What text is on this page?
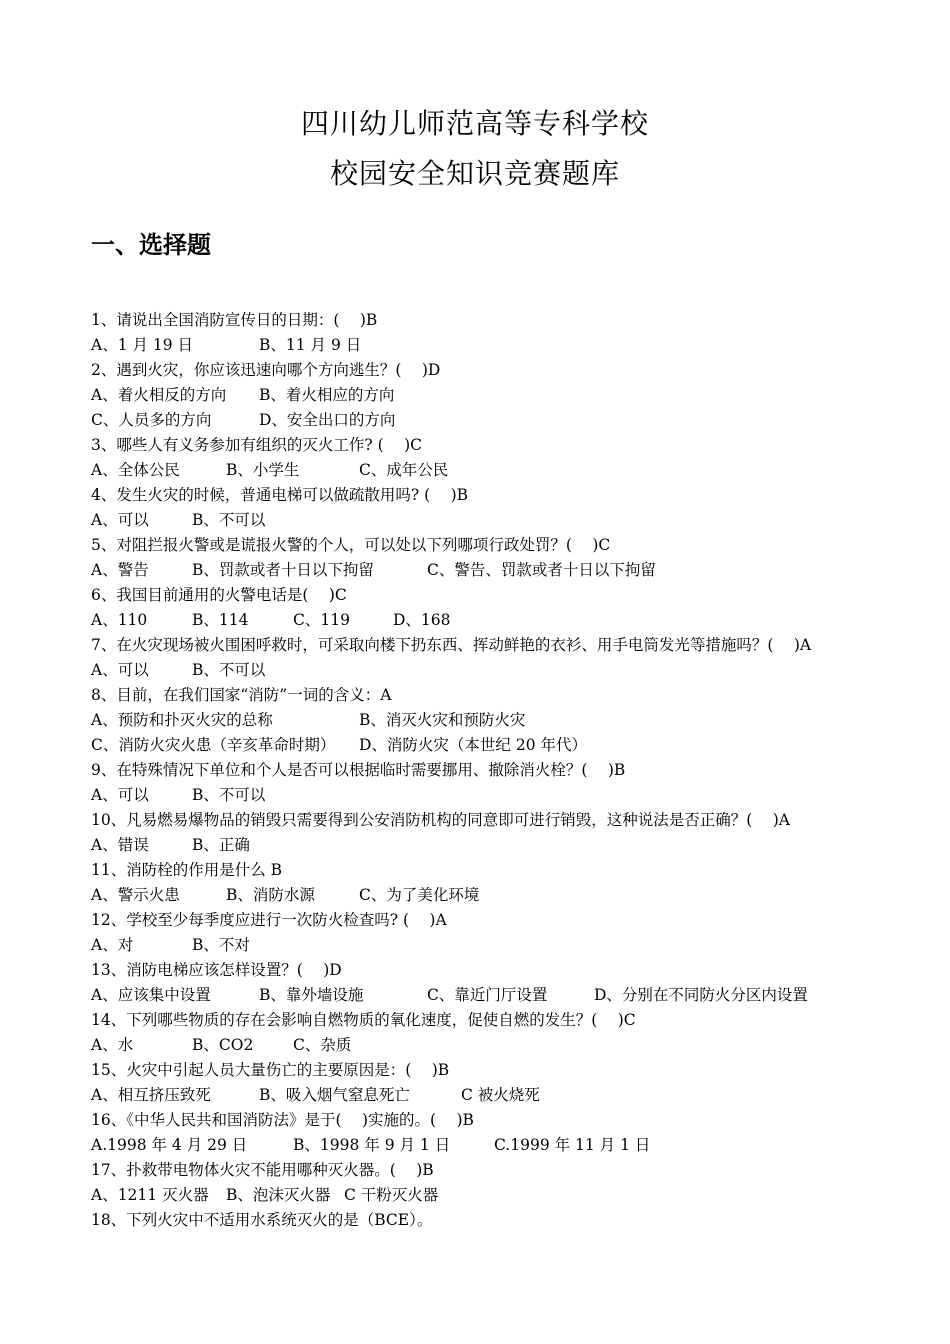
四川幼儿师范高等专科学校
校园安全知识竞赛题库
一、选择题
1、请说出全国消防宣传日的日期：(　 )B
A、1 月 19 日	B、11 月 9 日
2、遇到火灾，你应该迅速向哪个方向逃生？(　 )D
A、着火相反的方向 B、着火相应的方向
C、人员多的方向	D、安全出口的方向
3、哪些人有义务参加有组织的灭火工作? (　 )C
A、全体公民	B、小学生	C、成年公民
4、发生火灾的时候，普通电梯可以做疏散用吗? (　 )B
A、可以	B、不可以
5、对阻拦报火警或是谎报火警的个人，可以处以下列哪项行政处罚？(　 )C
A、警告	B、罚款或者十日以下拘留	C、警告、罚款或者十日以下拘留
6、我国目前通用的火警电话是(　 )C
A、110	B、114	C、119	D、168
7、在火灾现场被火围困呼救时，可采取向楼下扔东西、挥动鲜艳的衣衫、用手电筒发光等措施吗？(　 )A
A、可以	B、不可以
8、目前，在我们国家“消防”一词的含义：A
A、预防和扑灭火灾的总称	B、消灭火灾和预防火灾
C、消防火灾火患（辛亥革命时期） D、消防火灾（本世纪 20 年代）
9、在特殊情况下单位和个人是否可以根据临时需要挪用、撤除消火栓？(　 )B
A、可以	B、不可以
10、凡易燃易爆物品的销毁只需要得到公安消防机构的同意即可进行销毁，这种说法是否正确？(　 )A
A、错误	B、正确
11、消防栓的作用是什么 B
A、警示火患	B、消防水源	C、为了美化环境
12、学校至少每季度应进行一次防火检查吗? (　 )A
A、对	B、不对
13、消防电梯应该怎样设置？(　 )D
A、应该集中设置	B、靠外墙设施	C、靠近门厅设置	D、分别在不同防火分区内设置
14、下列哪些物质的存在会影响自燃物质的氧化速度，促使自燃的发生？(　 )C
A、水	B、CO2	C、杂质
15、火灾中引起人员大量伤亡的主要原因是：(　 )B
A、相互挤压致死	B、吸入烟气窒息死亡	C 被火烧死
16、《中华人民共和国消防法》是于(　 )实施的。(　 )B
A.1998 年 4 月 29 日	B、1998 年 9 月 1 日	C.1999 年 11 月 1 日
17、扑救带电物体火灾不能用哪种灭火器。(　 )B
A、1211 灭火器 B、泡沫灭火器 C 干粉灭火器
18、下列火灾中不适用水系统灭火的是（BCE）。
